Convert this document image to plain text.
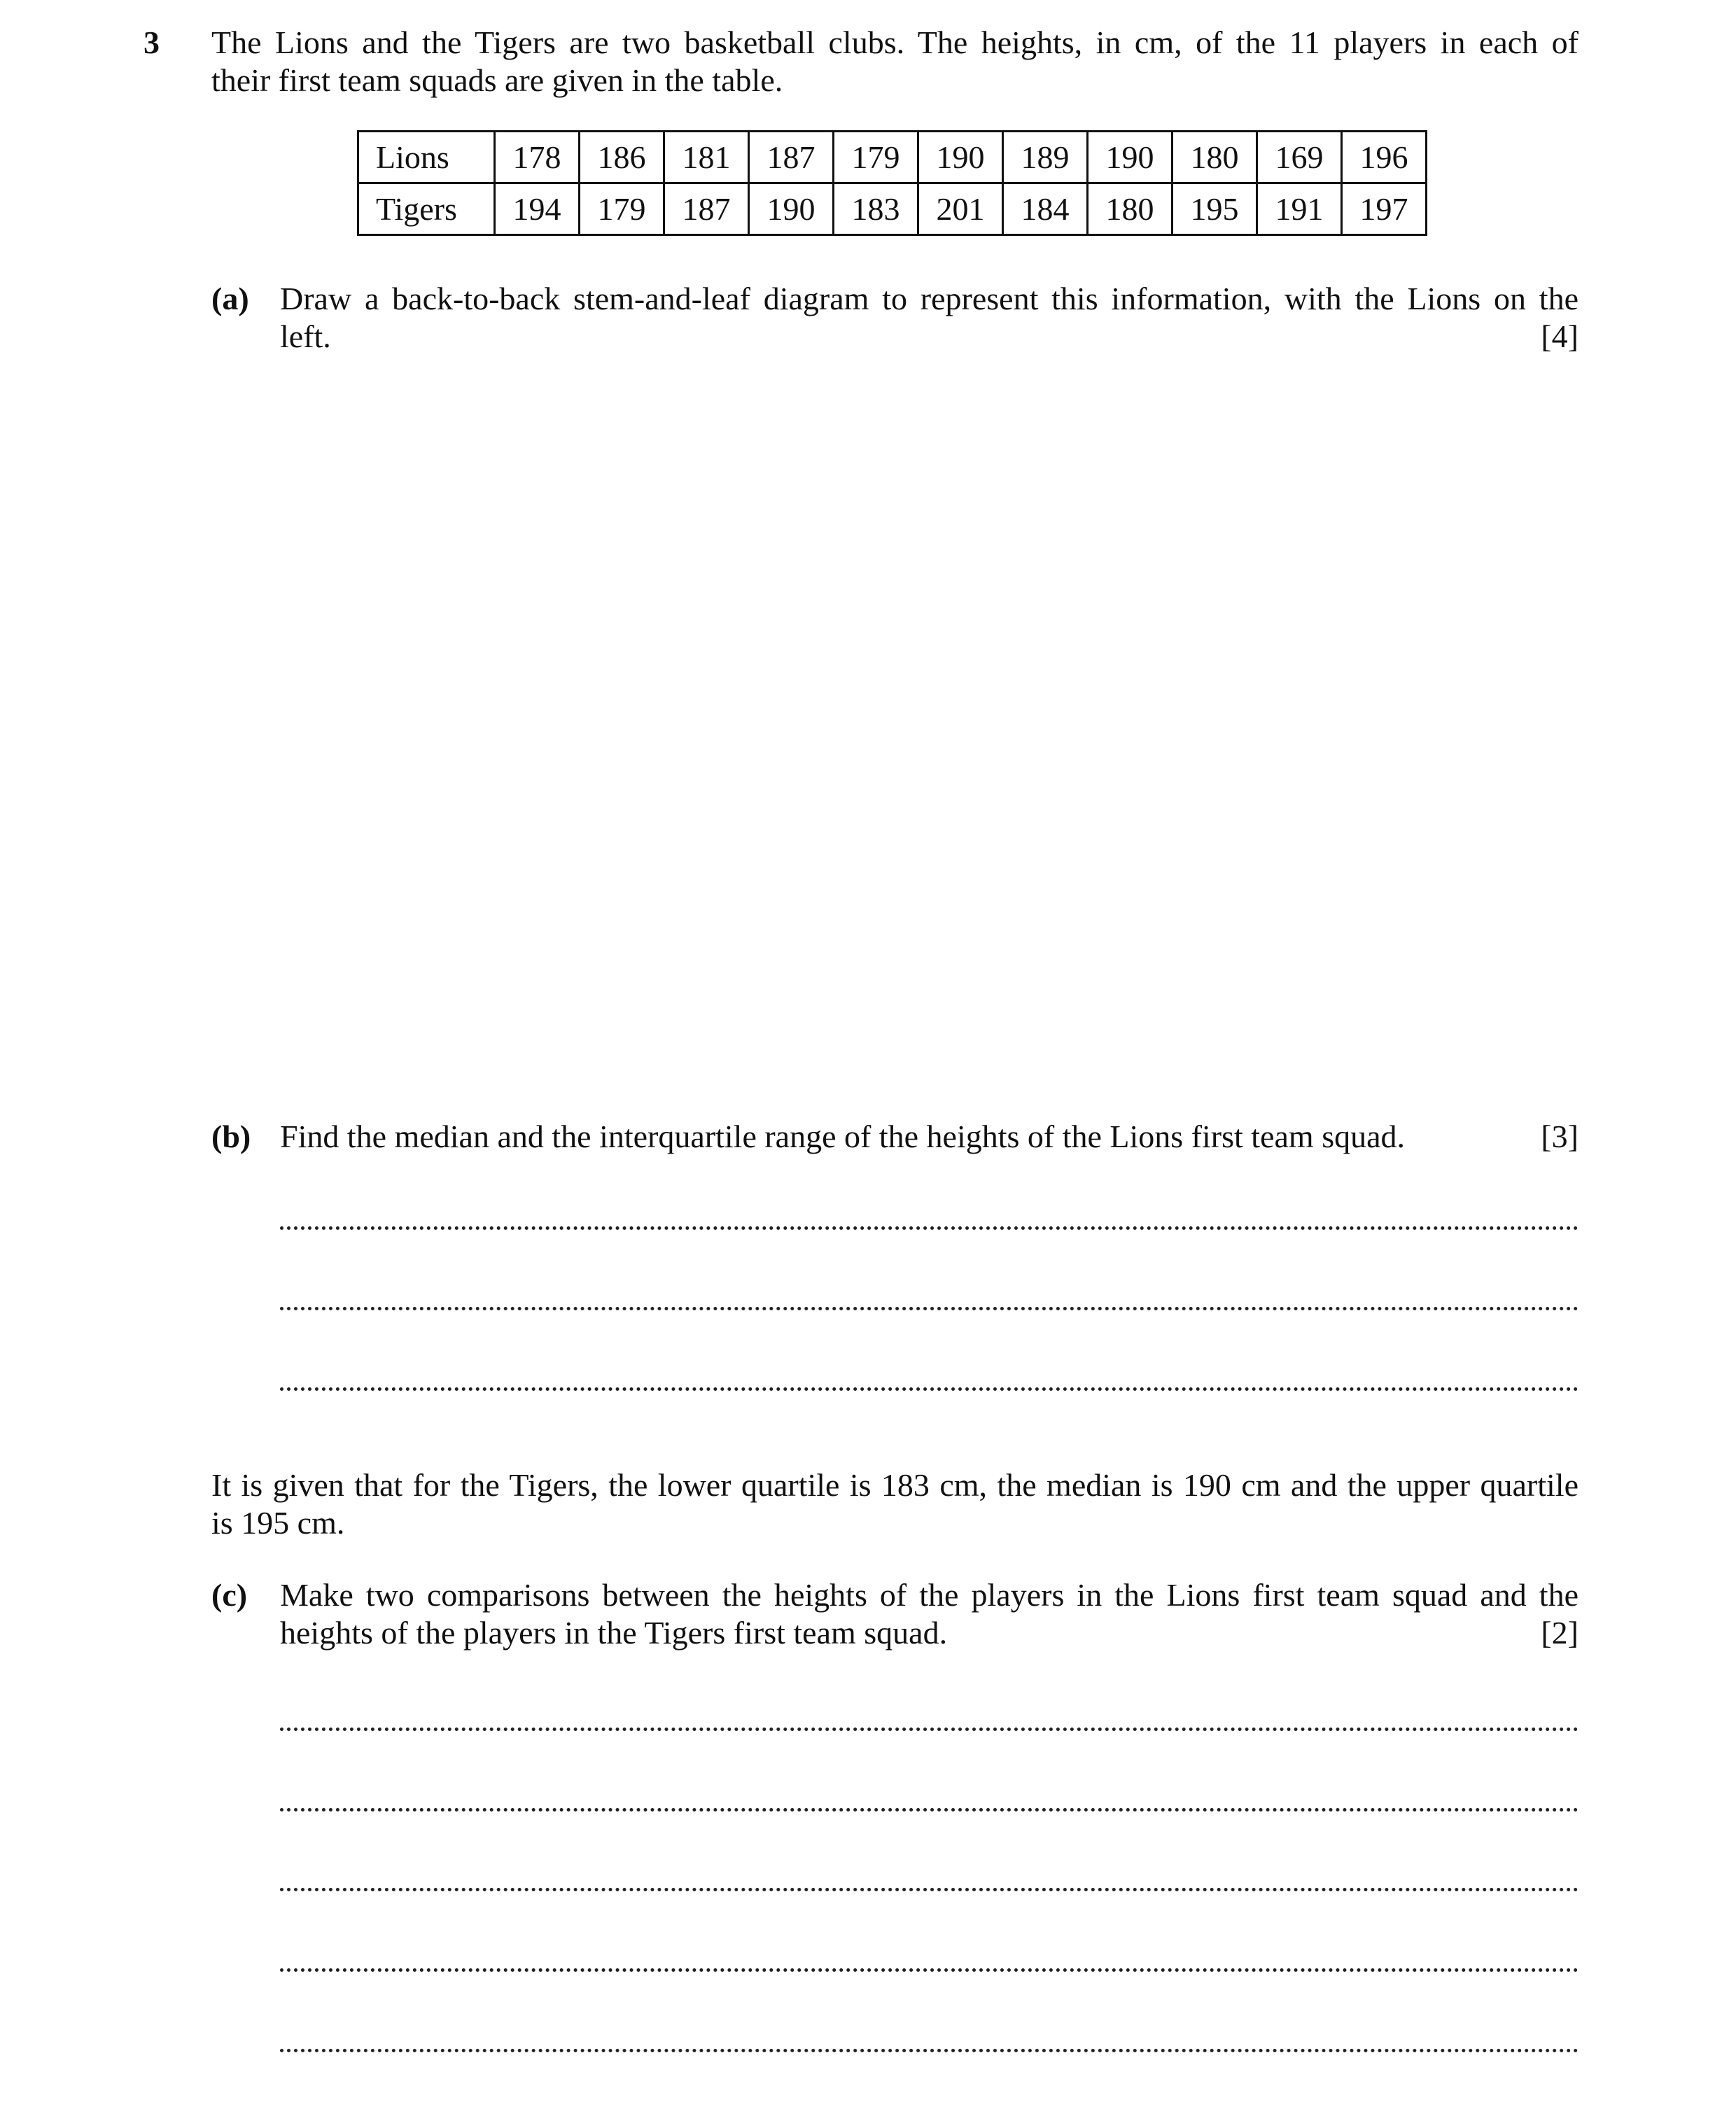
3 The Lions and the Tigers are two basketball clubs. The heights, in cm, of the 11 players in each of
their first team squads are given in the table.
Lions	178	186	181	187	179	190	189	190	180	169	196
Tigers	194	179	187	190	183	201	184	180	195	191	197
(a) Draw a back-to-back stem-and-leaf diagram to represent this information, with the Lions on the
left.	[4]
(b) Find the median and the interquartile range of the heights of the Lions first team squad.	[3]
It is given that for the Tigers, the lower quartile is 183 cm, the median is 190 cm and the upper quartile
is 195 cm.
(c) Make two comparisons between the heights of the players in the Lions first team squad and the
heights of the players in the Tigers first team squad.	[2]
